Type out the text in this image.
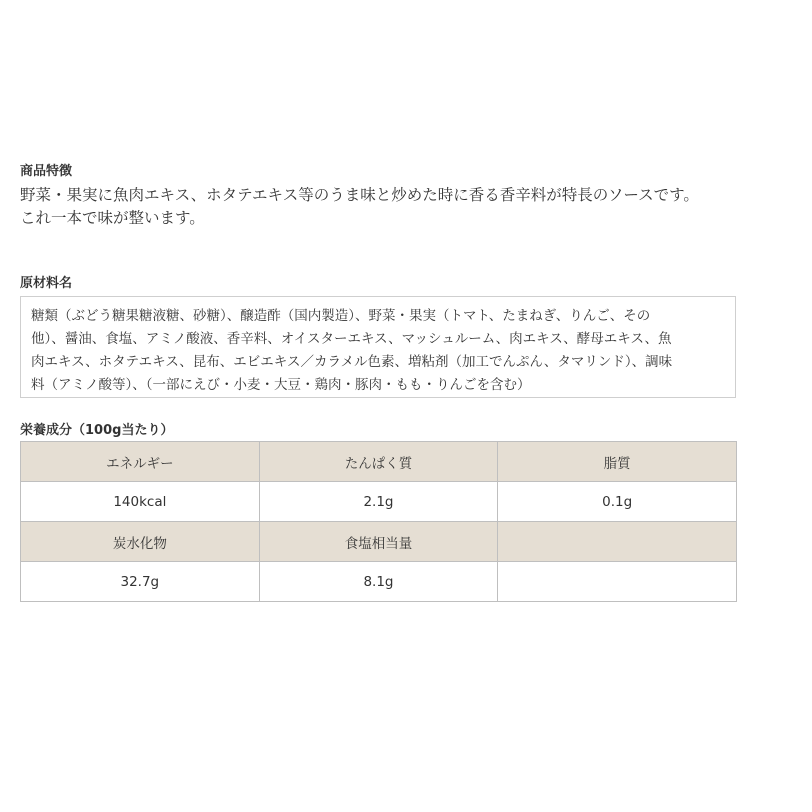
商品特徴
野菜・果実に魚肉エキス、ホタテエキス等のうま味と炒めた時に香る香辛料が特長のソースです。
これ一本で味が整います。
原材料名
糖類（ぶどう糖果糖液糖、砂糖）、醸造酢（国内製造）、野菜・果実（トマト、たまねぎ、りんご、その
他）、醤油、食塩、アミノ酸液、香辛料、オイスターエキス、マッシュルーム、肉エキス、酵母エキス、魚
肉エキス、ホタテエキス、昆布、エビエキス／カラメル色素、増粘剤（加工でんぷん、タマリンド）、調味
料（アミノ酸等）、（一部にえび・小麦・大豆・鶏肉・豚肉・もも・りんごを含む）
栄養成分（100g当たり）
エネルギー	たんぱく質	脂質
140kcal	2.1g	0.1g
炭水化物	食塩相当量	
32.7g	8.1g	
